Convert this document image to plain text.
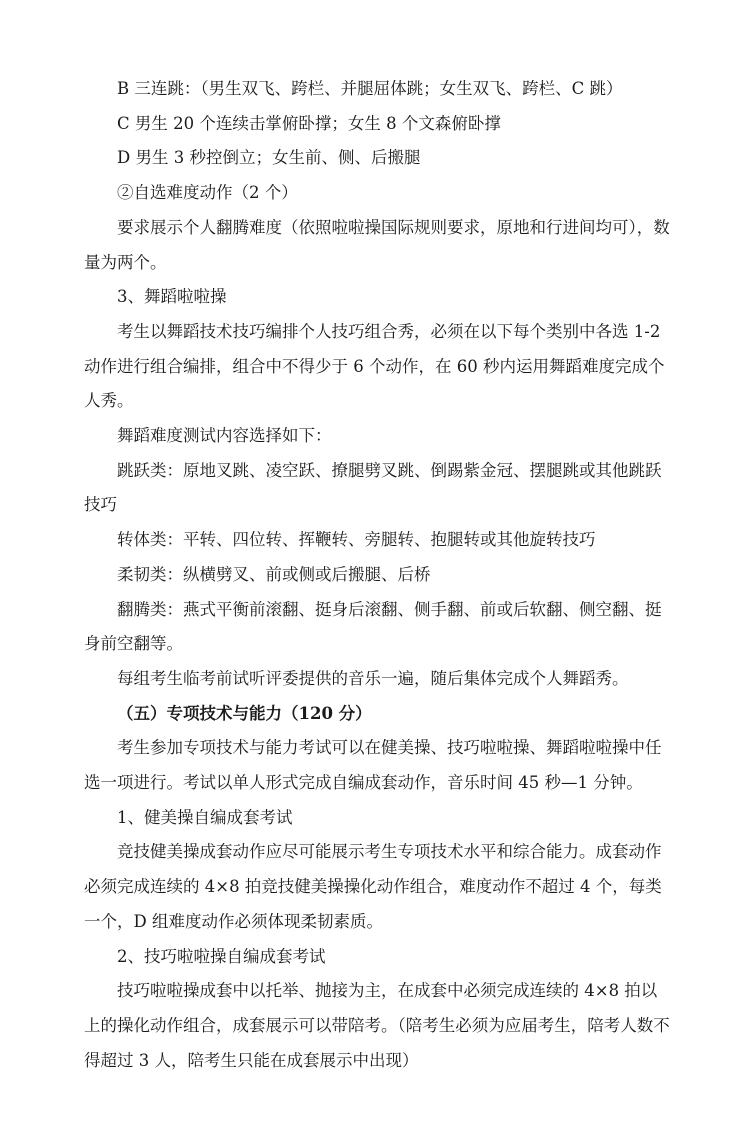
B 三连跳：（男生双飞、跨栏、并腿屈体跳；女生双飞、跨栏、C 跳）

C 男生 20 个连续击掌俯卧撑；女生 8 个文森俯卧撑

D 男生 3 秒控倒立；女生前、侧、后搬腿

②自选难度动作（2 个）

要求展示个人翻腾难度（依照啦啦操国际规则要求，原地和行进间均可），数量为两个。

3、舞蹈啦啦操

考生以舞蹈技术技巧编排个人技巧组合秀，必须在以下每个类别中各选 1-2 动作进行组合编排，组合中不得少于 6 个动作，在 60 秒内运用舞蹈难度完成个人秀。

舞蹈难度测试内容选择如下：

跳跃类：原地叉跳、凌空跃、撩腿劈叉跳、倒踢紫金冠、摆腿跳或其他跳跃技巧

转体类：平转、四位转、挥鞭转、旁腿转、抱腿转或其他旋转技巧

柔韧类：纵横劈叉、前或侧或后搬腿、后桥

翻腾类：燕式平衡前滚翻、挺身后滚翻、侧手翻、前或后软翻、侧空翻、挺身前空翻等。

每组考生临考前试听评委提供的音乐一遍，随后集体完成个人舞蹈秀。

（五）专项技术与能力（120 分）

考生参加专项技术与能力考试可以在健美操、技巧啦啦操、舞蹈啦啦操中任选一项进行。考试以单人形式完成自编成套动作，音乐时间 45 秒—1 分钟。

1、健美操自编成套考试

竞技健美操成套动作应尽可能展示考生专项技术水平和综合能力。成套动作必须完成连续的 4×8 拍竞技健美操操化动作组合，难度动作不超过 4 个，每类一个，D 组难度动作必须体现柔韧素质。

2、技巧啦啦操自编成套考试

技巧啦啦操成套中以托举、抛接为主，在成套中必须完成连续的 4×8 拍以上的操化动作组合，成套展示可以带陪考。（陪考生必须为应届考生，陪考人数不得超过 3 人，陪考生只能在成套展示中出现）
